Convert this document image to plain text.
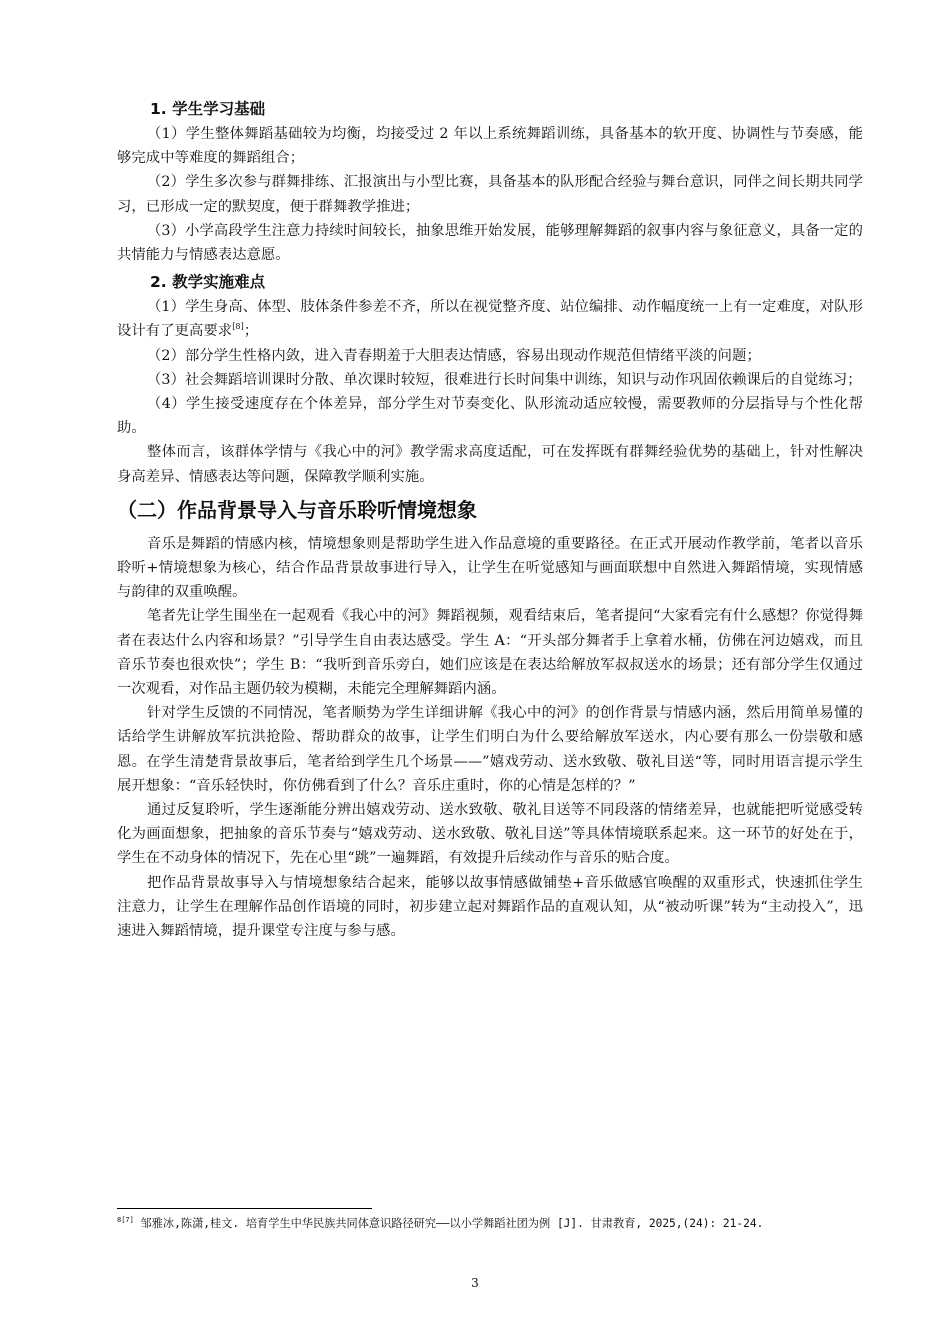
1. 学生学习基础

（1）学生整体舞蹈基础较为均衡，均接受过 2 年以上系统舞蹈训练，具备基本的软开度、协调性与节奏感，能够完成中等难度的舞蹈组合；

（2）学生多次参与群舞排练、汇报演出与小型比赛，具备基本的队形配合经验与舞台意识，同伴之间长期共同学习，已形成一定的默契度，便于群舞教学推进；

（3）小学高段学生注意力持续时间较长，抽象思维开始发展，能够理解舞蹈的叙事内容与象征意义，具备一定的共情能力与情感表达意愿。

2. 教学实施难点

（1）学生身高、体型、肢体条件参差不齐，所以在视觉整齐度、站位编排、动作幅度统一上有一定难度，对队形设计有了更高要求[8]；

（2）部分学生性格内敛，进入青春期羞于大胆表达情感，容易出现动作规范但情绪平淡的问题；

（3）社会舞蹈培训课时分散、单次课时较短，很难进行长时间集中训练，知识与动作巩固依赖课后的自觉练习；

（4）学生接受速度存在个体差异，部分学生对节奏变化、队形流动适应较慢，需要教师的分层指导与个性化帮助。

整体而言，该群体学情与《我心中的河》教学需求高度适配，可在发挥既有群舞经验优势的基础上，针对性解决身高差异、情感表达等问题，保障教学顺利实施。

（二）作品背景导入与音乐聆听情境想象

音乐是舞蹈的情感内核，情境想象则是帮助学生进入作品意境的重要路径。在正式开展动作教学前，笔者以音乐聆听+情境想象为核心，结合作品背景故事进行导入，让学生在听觉感知与画面联想中自然进入舞蹈情境，实现情感与韵律的双重唤醒。

笔者先让学生围坐在一起观看《我心中的河》舞蹈视频，观看结束后，笔者提问“大家看完有什么感想？你觉得舞者在表达什么内容和场景？”引导学生自由表达感受。学生 A：“开头部分舞者手上拿着水桶，仿佛在河边嬉戏，而且音乐节奏也很欢快”；学生 B：“我听到音乐旁白，她们应该是在表达给解放军叔叔送水的场景；还有部分学生仅通过一次观看，对作品主题仍较为模糊，未能完全理解舞蹈内涵。

针对学生反馈的不同情况，笔者顺势为学生详细讲解《我心中的河》的创作背景与情感内涵，然后用简单易懂的话给学生讲解放军抗洪抢险、帮助群众的故事，让学生们明白为什么要给解放军送水，内心要有那么一份崇敬和感恩。在学生清楚背景故事后，笔者给到学生几个场景——”嬉戏劳动、送水致敬、敬礼目送“等，同时用语言提示学生展开想象：“音乐轻快时，你仿佛看到了什么？音乐庄重时，你的心情是怎样的？”

通过反复聆听，学生逐渐能分辨出嬉戏劳动、送水致敬、敬礼目送等不同段落的情绪差异，也就能把听觉感受转化为画面想象，把抽象的音乐节奏与“嬉戏劳动、送水致敬、敬礼目送”等具体情境联系起来。这一环节的好处在于，学生在不动身体的情况下，先在心里“跳”一遍舞蹈，有效提升后续动作与音乐的贴合度。

把作品背景故事导入与情境想象结合起来，能够以故事情感做铺垫+音乐做感官唤醒的双重形式，快速抓住学生注意力，让学生在理解作品创作语境的同时，初步建立起对舞蹈作品的直观认知，从“被动听课”转为“主动投入”，迅速进入舞蹈情境，提升课堂专注度与参与感。

$^{8[7]}$ 邹雅冰,陈潇,桂文. 培育学生中华民族共同体意识路径研究——以小学舞蹈社团为例 [J]. 甘肃教育, 2025,(24): 21-24.
3
